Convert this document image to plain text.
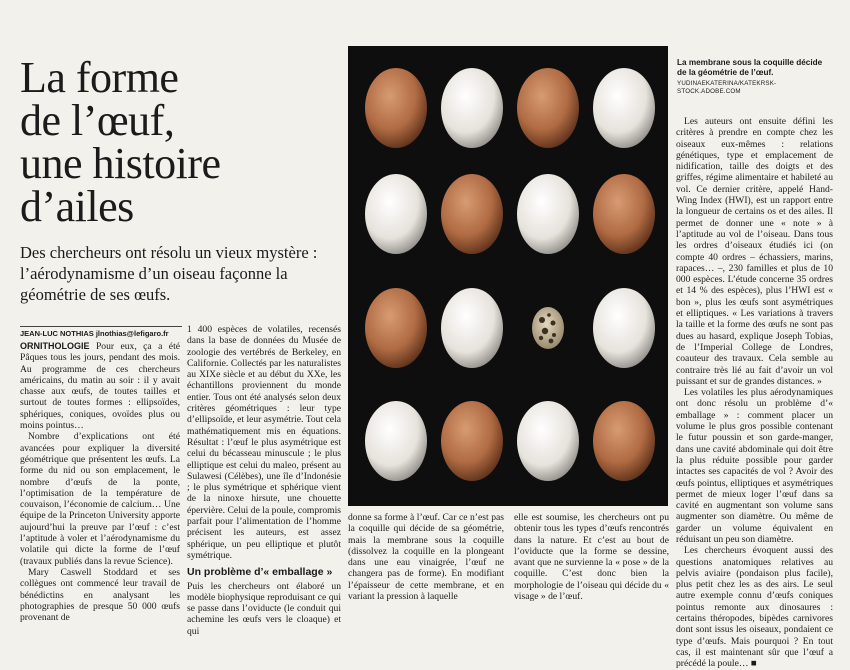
La forme
de l’œuf,
une histoire
d’ailes

Des chercheurs ont résolu un vieux mystère : l’aérodynamisme d’un oiseau façonne la géométrie de ses œufs.

JEAN-LUC NOTHIAS jlnothias@lefigaro.fr

ORNITHOLOGIE Pour eux, ça a été Pâques tous les jours, pendant des mois. Au programme de ces chercheurs américains, du matin au soir : il y avait chasse aux œufs, de toutes tailles et surtout de toutes formes : ellipsoïdes, sphériques, coniques, ovoïdes plus ou moins pointus…

Nombre d’explications ont été avancées pour expliquer la diversité géométrique que présentent les œufs. La forme du nid ou son emplacement, le nombre d’œufs de la ponte, l’optimisation de la température de couvaison, l’économie de calcium… Une équipe de la Princeton University apporte aujourd’hui la preuve par l’œuf : c’est l’aptitude à voler et l’aérodynamisme du volatile qui dicte la forme de l’œuf (travaux publiés dans la revue Science).

Mary Caswell Stoddard et ses collègues ont commencé leur travail de bénédictins en analysant les photographies de presque 50 000 œufs provenant de

1 400 espèces de volatiles, recensés dans la base de données du Musée de zoologie des vertébrés de Berkeley, en Californie. Collectés par les naturalistes au XIXe siècle et au début du XXe, les échantillons proviennent du monde entier. Tous ont été analysés selon deux critères géométriques : leur type d’ellipsoïde, et leur asymétrie. Tout cela mathématiquement mis en équations. Résultat : l’œuf le plus asymétrique est celui du bécasseau minuscule ; le plus elliptique est celui du maleo, présent au Sulawesi (Célèbes), une île d’Indonésie ; le plus symétrique et sphérique vient de la ninoxe hirsute, une chouette épervière. Celui de la poule, compromis parfait pour l’alimentation de l’homme précisent les auteurs, est assez sphérique, un peu elliptique et plutôt symétrique.

Un problème d’« emballage »

Puis les chercheurs ont élaboré un modèle biophysique reproduisant ce qui se passe dans l’oviducte (le conduit qui achemine les œufs vers le cloaque) et qui

La membrane sous la coquille décide de la géométrie de l’œuf.
YUDINAEKATERINA/KATEKRSK-STOCK.ADOBE.COM

Les auteurs ont ensuite défini les critères à prendre en compte chez les oiseaux eux-mêmes : relations génétiques, type et emplacement de nidification, taille des doigts et des griffes, régime alimentaire et habileté au vol. Ce dernier critère, appelé Hand-Wing Index (HWI), est un rapport entre la longueur de certains os et des ailes. Il permet de donner une « note » à l’aptitude au vol de l’oiseau. Dans tous les ordres d’oiseaux étudiés ici (on compte 40 ordres – échassiers, marins, rapaces… –, 230 familles et plus de 10 000 espèces. L’étude concerne 35 ordres et 14 % des espèces), plus l’HWI est « bon », plus les œufs sont asymétriques et elliptiques. « Les variations à travers la taille et la forme des œufs ne sont pas dues au hasard, explique Joseph Tobias, de l’Imperial College de Londres, coauteur des travaux. Cela semble au contraire très lié au fait d’avoir un vol puissant et sur de grandes distances. »

Les volatiles les plus aérodynamiques ont donc résolu un problème d’« emballage » : comment placer un volume le plus gros possible contenant le futur poussin et son garde-manger, dans une cavité abdominale qui doit être la plus réduite possible pour garder intactes ses capacités de vol ? Avoir des œufs pointus, elliptiques et asymétriques permet de mieux loger l’œuf dans sa cavité en augmentant son volume sans augmenter son diamètre. Ou même de garder un volume équivalent en réduisant un peu son diamètre.

Les chercheurs évoquent aussi des questions anatomiques relatives au pelvis aviaire (pondaison plus facile), plus petit chez les as des airs. Le seul autre exemple connu d’œufs coniques pointus remonte aux dinosaures : certains théropodes, bipèdes carnivores dont sont issus les oiseaux, pondaient ce type d’œufs. Mais pourquoi ? En tout cas, il est maintenant sûr que l’œuf a précédé la poule… ■

donne sa forme à l’œuf. Car ce n’est pas la coquille qui décide de sa géométrie, mais la membrane sous la coquille (dissolvez la coquille en la plongeant dans une eau vinaigrée, l’œuf ne changera pas de forme). En modifiant l’épaisseur de cette membrane, et en variant la pression à laquelle

elle est soumise, les chercheurs ont pu obtenir tous les types d’œufs rencontrés dans la nature. Et c’est au bout de l’oviducte que la forme se dessine, avant que ne survienne la « pose » de la coquille. C’est donc bien la morphologie de l’oiseau qui décide du « visage » de l’œuf.
